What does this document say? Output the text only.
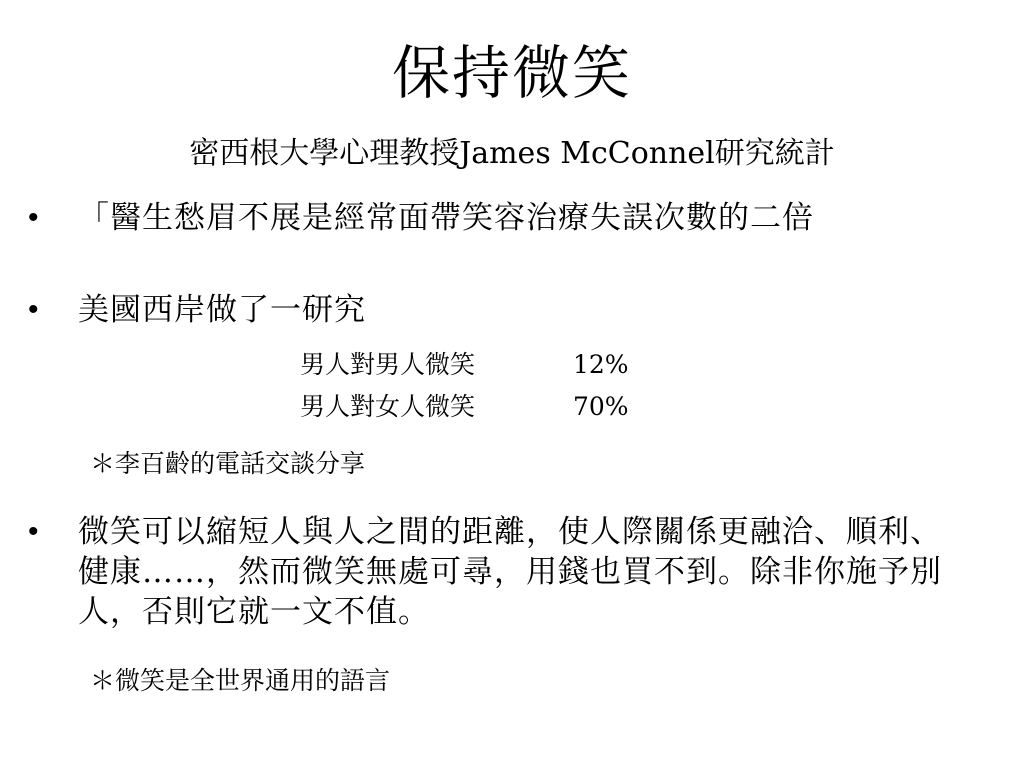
保持微笑
密西根大學心理教授James McConnel研究統計
•	「醫生愁眉不展是經常面帶笑容治療失誤次數的二倍
•	美國西岸做了一研究
男人對男人微笑	12%
男人對女人微笑	70%
＊李百齡的電話交談分享
•	微笑可以縮短人與人之間的距離，使人際關係更融洽、順利、健康……，然而微笑無處可尋，用錢也買不到。除非你施予別人，否則它就一文不值。
＊微笑是全世界通用的語言
